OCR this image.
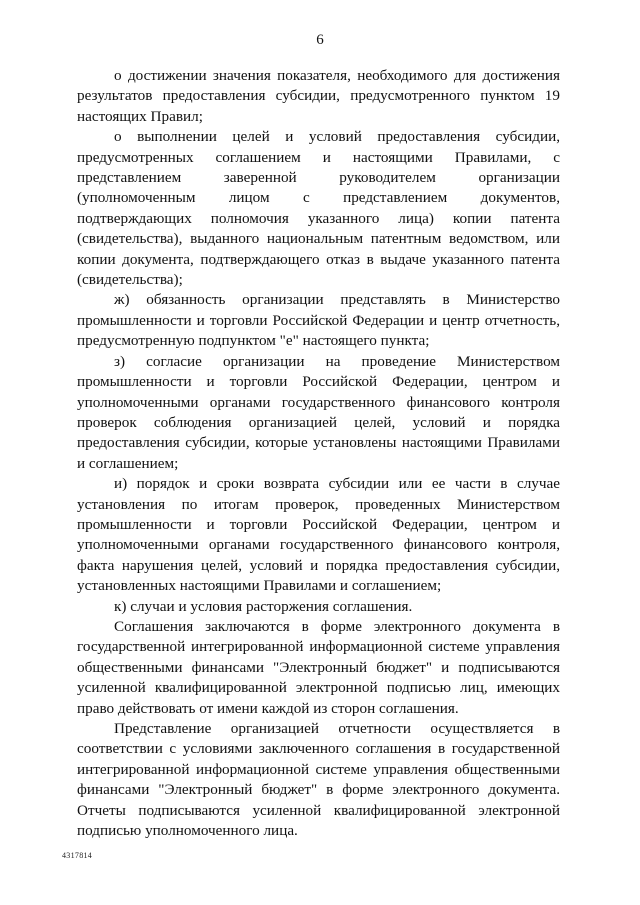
6

о достижении значения показателя, необходимого для достижения результатов предоставления субсидии, предусмотренного пунктом 19 настоящих Правил;

о выполнении целей и условий предоставления субсидии, предусмотренных соглашением и настоящими Правилами, с представлением заверенной руководителем организации (уполномоченным лицом с представлением документов, подтверждающих полномочия указанного лица) копии патента (свидетельства), выданного национальным патентным ведомством, или копии документа, подтверждающего отказ в выдаче указанного патента (свидетельства);

ж) обязанность организации представлять в Министерство промышленности и торговли Российской Федерации и центр отчетность, предусмотренную подпунктом "е" настоящего пункта;

з) согласие организации на проведение Министерством промышленности и торговли Российской Федерации, центром и уполномоченными органами государственного финансового контроля проверок соблюдения организацией целей, условий и порядка предоставления субсидии, которые установлены настоящими Правилами и соглашением;

и) порядок и сроки возврата субсидии или ее части в случае установления по итогам проверок, проведенных Министерством промышленности и торговли Российской Федерации, центром и уполномоченными органами государственного финансового контроля, факта нарушения целей, условий и порядка предоставления субсидии, установленных настоящими Правилами и соглашением;

к) случаи и условия расторжения соглашения.

Соглашения заключаются в форме электронного документа в государственной интегрированной информационной системе управления общественными финансами "Электронный бюджет" и подписываются усиленной квалифицированной электронной подписью лиц, имеющих право действовать от имени каждой из сторон соглашения.

Представление организацией отчетности осуществляется в соответствии с условиями заключенного соглашения в государственной интегрированной информационной системе управления общественными финансами "Электронный бюджет" в форме электронного документа. Отчеты подписываются усиленной квалифицированной электронной подписью уполномоченного лица.

4317814
